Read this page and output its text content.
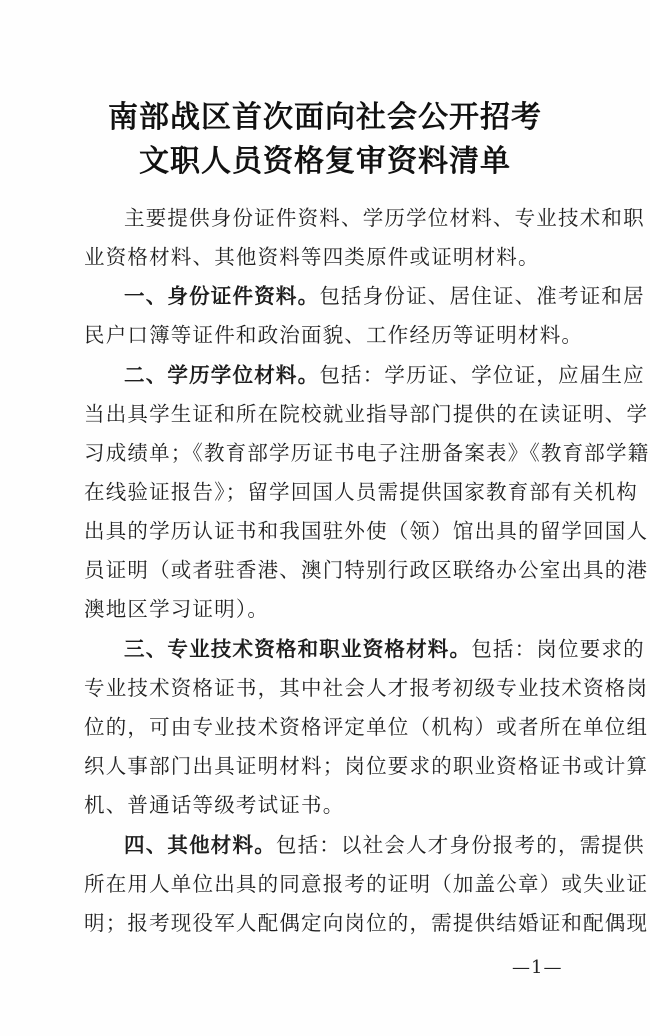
南部战区首次面向社会公开招考
文职人员资格复审资料清单
主要提供身份证件资料、学历学位材料、专业技术和职
业资格材料、其他资料等四类原件或证明材料。
一、身份证件资料。包括身份证、居住证、准考证和居
民户口簿等证件和政治面貌、工作经历等证明材料。
二、学历学位材料。包括：学历证、学位证，应届生应
当出具学生证和所在院校就业指导部门提供的在读证明、学
习成绩单；《教育部学历证书电子注册备案表》《教育部学籍
在线验证报告》；留学回国人员需提供国家教育部有关机构
出具的学历认证书和我国驻外使（领）馆出具的留学回国人
员证明（或者驻香港、澳门特别行政区联络办公室出具的港
澳地区学习证明）。
三、专业技术资格和职业资格材料。包括：岗位要求的
专业技术资格证书，其中社会人才报考初级专业技术资格岗
位的，可由专业技术资格评定单位（机构）或者所在单位组
织人事部门出具证明材料；岗位要求的职业资格证书或计算
机、普通话等级考试证书。
四、其他材料。包括：以社会人才身份报考的，需提供
所在用人单位出具的同意报考的证明（加盖公章）或失业证
明；报考现役军人配偶定向岗位的，需提供结婚证和配偶现
—1—
